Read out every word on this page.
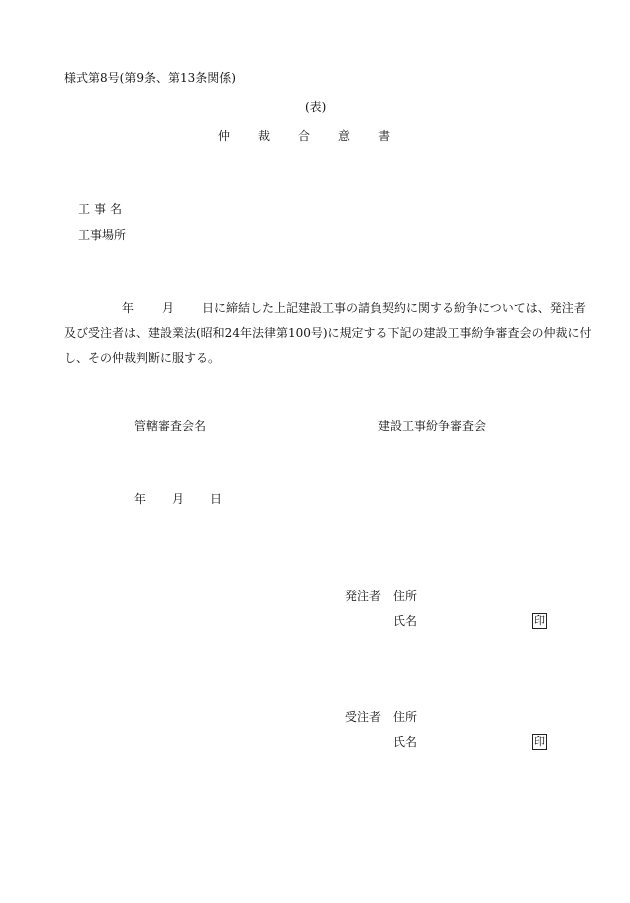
様式第8号(第9条、第13条関係)
(表)
仲 裁 合 意 書
工 事 名
工事場所
年 月 日に締結した上記建設工事の請負契約に関する紛争については、発注者
及び受注者は、建設業法(昭和24年法律第100号)に規定する下記の建設工事紛争審査会の仲裁に付
し、その仲裁判断に服する。
管轄審査会名	建設工事紛争審査会
年 月 日
発注者 住所
氏名	印
受注者 住所
氏名	印
